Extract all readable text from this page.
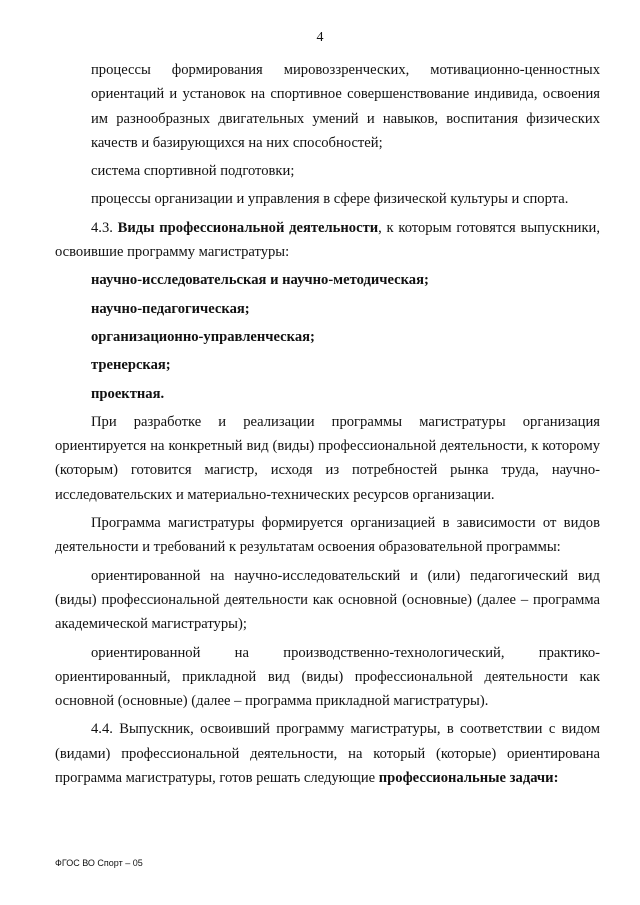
4

процессы формирования мировоззренческих, мотивационно-ценностных ориентаций и установок на спортивное совершенствование индивида, освоения им разнообразных двигательных умений и навыков, воспитания физических качеств и базирующихся на них способностей;

система спортивной подготовки;

процессы организации и управления в сфере физической культуры и спорта.

4.3. Виды профессиональной деятельности, к которым готовятся выпускники, освоившие программу магистратуры:

научно-исследовательская и научно-методическая;

научно-педагогическая;

организационно-управленческая;

тренерская;

проектная.

При разработке и реализации программы магистратуры организация ориентируется на конкретный вид (виды) профессиональной деятельности, к которому (которым) готовится магистр, исходя из потребностей рынка труда, научно-исследовательских и материально-технических ресурсов организации.

Программа магистратуры формируется организацией в зависимости от видов деятельности и требований к результатам освоения образовательной программы:

ориентированной на научно-исследовательский и (или) педагогический вид (виды) профессиональной деятельности как основной (основные) (далее – программа академической магистратуры);

ориентированной на производственно-технологический, практико-ориентированный, прикладной вид (виды) профессиональной деятельности как основной (основные) (далее – программа прикладной магистратуры).

4.4. Выпускник, освоивший программу магистратуры, в соответствии с видом (видами) профессиональной деятельности, на который (которые) ориентирована программа магистратуры, готов решать следующие профессиональные задачи:

ФГОС ВО Спорт – 05
